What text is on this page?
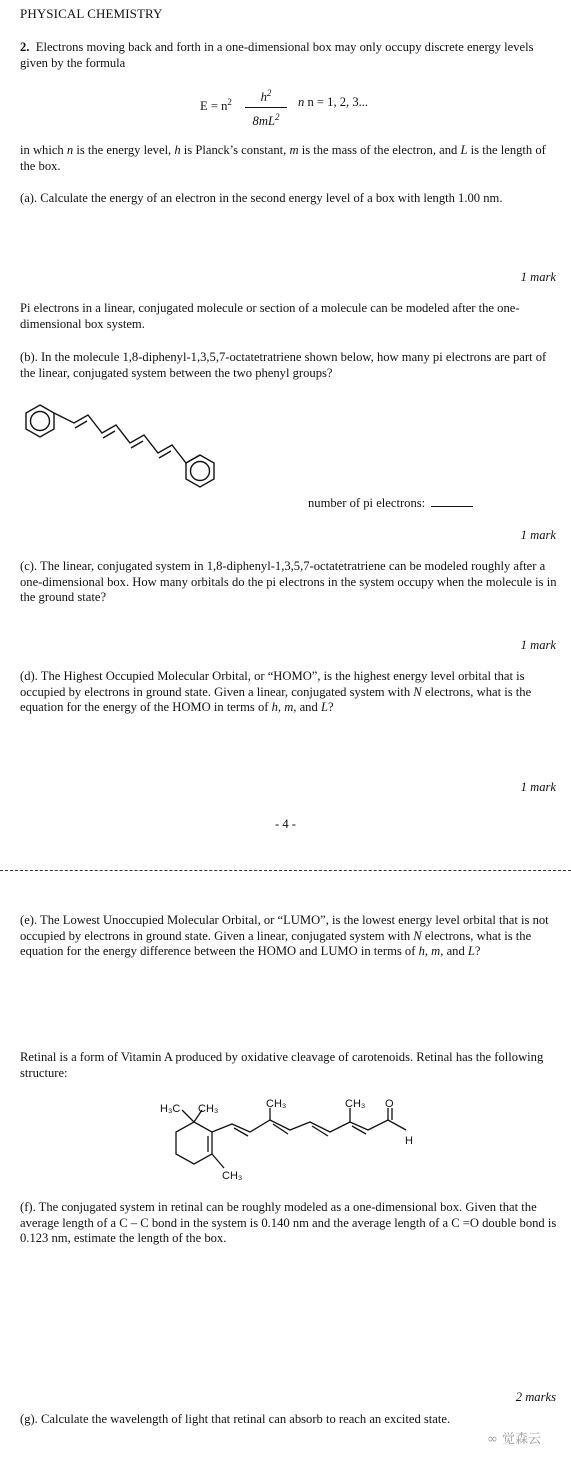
PHYSICAL CHEMISTRY

2. Electrons moving back and forth in a one-dimensional box may only occupy discrete energy levels given by the formula

$E = n^2 \frac{h^2}{8mL^2}$ n n = 1, 2, 3...

in which n is the energy level, h is Planck’s constant, m is the mass of the electron, and L is the length of the box.

(a). Calculate the energy of an electron in the second energy level of a box with length 1.00 nm.

1 mark

Pi electrons in a linear, conjugated molecule or section of a molecule can be modeled after the one-dimensional box system.

(b). In the molecule 1,8-diphenyl-1,3,5,7-octatetratriene shown below, how many pi electrons are part of the linear, conjugated system between the two phenyl groups?

number of pi electrons:
1 mark

(c). The linear, conjugated system in 1,8-diphenyl-1,3,5,7-octatetratriene can be modeled roughly after a one-dimensional box. How many orbitals do the pi electrons in the system occupy when the molecule is in the ground state?

1 mark

(d). The Highest Occupied Molecular Orbital, or “HOMO”, is the highest energy level orbital that is occupied by electrons in ground state. Given a linear, conjugated system with N electrons, what is the equation for the energy of the HOMO in terms of h, m, and L?

1 mark
- 4 -

(e). The Lowest Unoccupied Molecular Orbital, or “LUMO”, is the lowest energy level orbital that is not occupied by electrons in ground state. Given a linear, conjugated system with N electrons, what is the equation for the energy difference between the HOMO and LUMO in terms of h, m, and L?

Retinal is a form of Vitamin A produced by oxidative cleavage of carotenoids. Retinal has the following structure:

H₃C CH₃	CH₃	CH₃ O
H
CH₃

(f). The conjugated system in retinal can be roughly modeled as a one-dimensional box. Given that the average length of a C – C bond in the system is 0.140 nm and the average length of a C =O double bond is 0.123 nm, estimate the length of the box.

2 marks

(g). Calculate the wavelength of light that retinal can absorb to reach an excited state.

∞ 觉森云
